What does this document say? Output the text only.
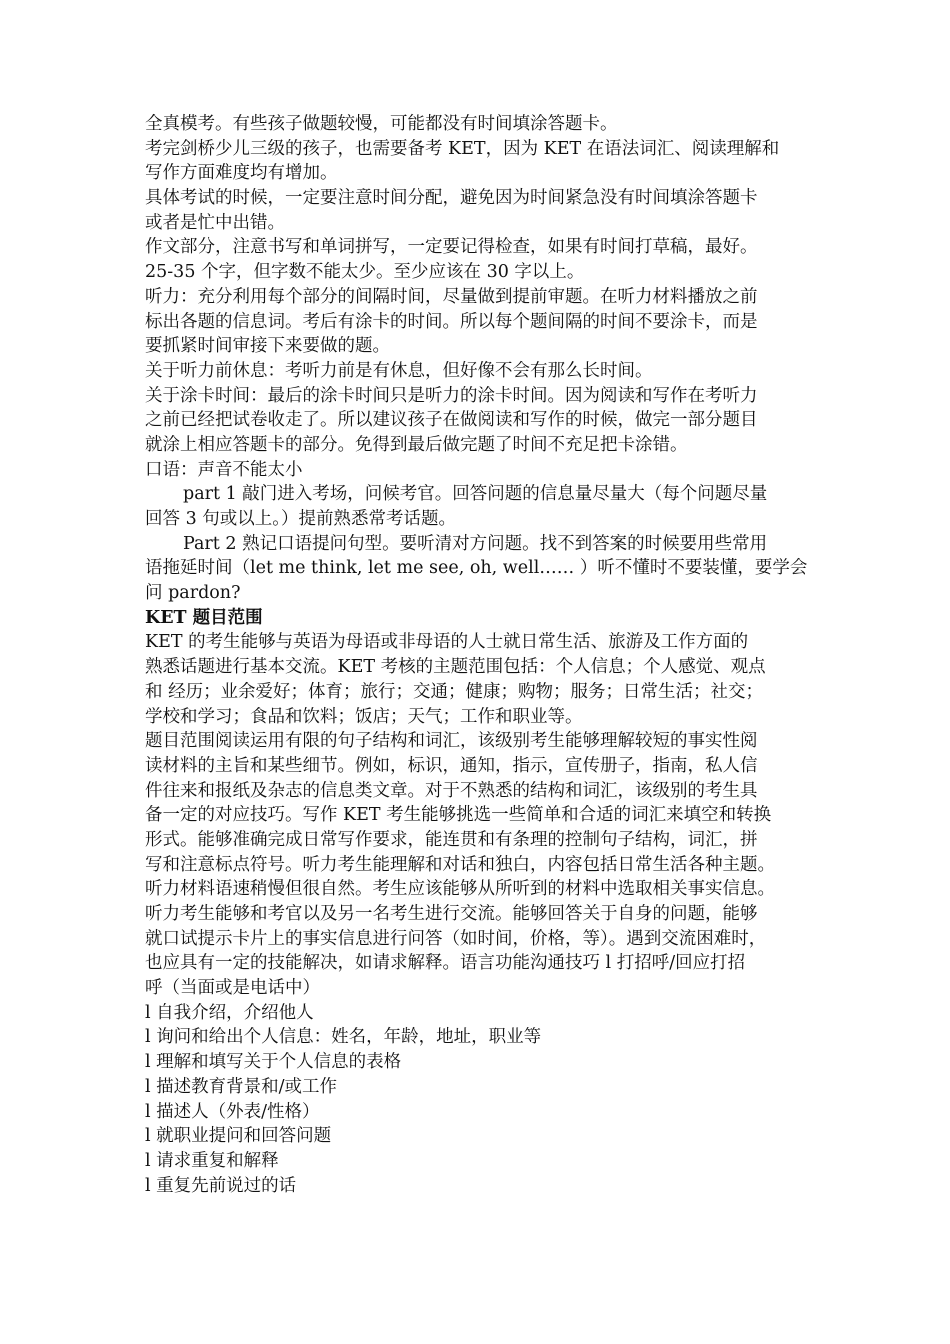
全真模考。有些孩子做题较慢，可能都没有时间填涂答题卡。
考完剑桥少儿三级的孩子，也需要备考 KET，因为 KET 在语法词汇、阅读理解和
写作方面难度均有增加。
具体考试的时候，一定要注意时间分配，避免因为时间紧急没有时间填涂答题卡
或者是忙中出错。
作文部分，注意书写和单词拼写，一定要记得检查，如果有时间打草稿，最好。
25-35 个字，但字数不能太少。至少应该在 30 字以上。
听力：充分利用每个部分的间隔时间，尽量做到提前审题。在听力材料播放之前
标出各题的信息词。考后有涂卡的时间。所以每个题间隔的时间不要涂卡，而是
要抓紧时间审接下来要做的题。
关于听力前休息：考听力前是有休息，但好像不会有那么长时间。
关于涂卡时间：最后的涂卡时间只是听力的涂卡时间。因为阅读和写作在考听力
之前已经把试卷收走了。所以建议孩子在做阅读和写作的时候，做完一部分题目
就涂上相应答题卡的部分。免得到最后做完题了时间不充足把卡涂错。
口语：声音不能太小
part 1 敲门进入考场，问候考官。回答问题的信息量尽量大（每个问题尽量
回答 3 句或以上。）提前熟悉常考话题。
Part 2 熟记口语提问句型。要听清对方问题。找不到答案的时候要用些常用
语拖延时间（let me think, let me see, oh, well…… ）听不懂时不要装懂，要学会
问 pardon?
KET 题目范围
KET 的考生能够与英语为母语或非母语的人士就日常生活、旅游及工作方面的
熟悉话题进行基本交流。KET 考核的主题范围包括：个人信息；个人感觉、观点
和 经历；业余爱好；体育；旅行；交通；健康；购物；服务；日常生活；社交；
学校和学习；食品和饮料；饭店；天气；工作和职业等。
题目范围阅读运用有限的句子结构和词汇，该级别考生能够理解较短的事实性阅
读材料的主旨和某些细节。例如，标识，通知，指示，宣传册子，指南，私人信
件往来和报纸及杂志的信息类文章。对于不熟悉的结构和词汇，该级别的考生具
备一定的对应技巧。写作 KET 考生能够挑选一些简单和合适的词汇来填空和转换
形式。能够准确完成日常写作要求，能连贯和有条理的控制句子结构，词汇，拼
写和注意标点符号。听力考生能理解和对话和独白，内容包括日常生活各种主题。
听力材料语速稍慢但很自然。考生应该能够从所听到的材料中选取相关事实信息。
听力考生能够和考官以及另一名考生进行交流。能够回答关于自身的问题，能够
就口试提示卡片上的事实信息进行问答（如时间，价格，等）。遇到交流困难时，
也应具有一定的技能解决，如请求解释。语言功能沟通技巧 l 打招呼/回应打招
呼（当面或是电话中）
l 自我介绍，介绍他人
l 询问和给出个人信息：姓名，年龄，地址，职业等
l 理解和填写关于个人信息的表格
l 描述教育背景和/或工作
l 描述人（外表/性格）
l 就职业提问和回答问题
l 请求重复和解释
l 重复先前说过的话
